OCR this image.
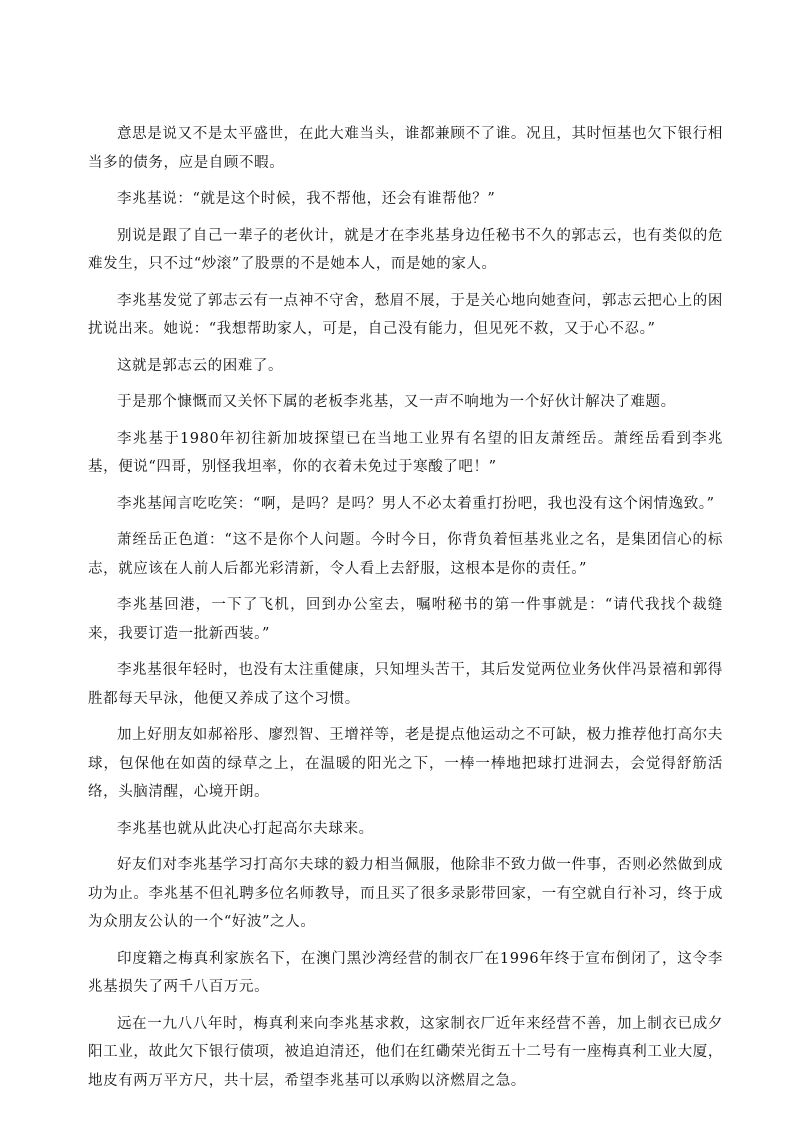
意思是说又不是太平盛世，在此大难当头，谁都兼顾不了谁。况且，其时恒基也欠下银行相当多的债务，应是自顾不暇。

李兆基说：“就是这个时候，我不帮他，还会有谁帮他？”

别说是跟了自己一辈子的老伙计，就是才在李兆基身边任秘书不久的郭志云，也有类似的危难发生，只不过“炒滚”了股票的不是她本人，而是她的家人。

李兆基发觉了郭志云有一点神不守舍，愁眉不展，于是关心地向她查问，郭志云把心上的困扰说出来。她说：“我想帮助家人，可是，自己没有能力，但见死不救，又于心不忍。”

这就是郭志云的困难了。

于是那个慷慨而又关怀下属的老板李兆基，又一声不响地为一个好伙计解决了难题。

李兆基于1980年初往新加坡探望已在当地工业界有名望的旧友萧绖岳。萧绖岳看到李兆基，便说“四哥，别怪我坦率，你的衣着未免过于寒酸了吧！”

李兆基闻言吃吃笑：“啊，是吗？是吗？男人不必太着重打扮吧，我也没有这个闲情逸致。”

萧绖岳正色道：“这不是你个人问题。今时今日，你背负着恒基兆业之名，是集团信心的标志，就应该在人前人后都光彩清新，令人看上去舒服，这根本是你的责任。”

李兆基回港，一下了飞机，回到办公室去，嘱咐秘书的第一件事就是：“请代我找个裁缝来，我要订造一批新西装。”

李兆基很年轻时，也没有太注重健康，只知埋头苦干，其后发觉两位业务伙伴冯景禧和郭得胜都每天早泳，他便又养成了这个习惯。

加上好朋友如郝裕彤、廖烈智、王增祥等，老是提点他运动之不可缺，极力推荐他打高尔夫球，包保他在如茵的绿草之上，在温暖的阳光之下，一棒一棒地把球打进洞去，会觉得舒筋活络，头脑清醒，心境开朗。

李兆基也就从此决心打起高尔夫球来。

好友们对李兆基学习打高尔夫球的毅力相当佩服，他除非不致力做一件事，否则必然做到成功为止。李兆基不但礼聘多位名师教导，而且买了很多录影带回家，一有空就自行补习，终于成为众朋友公认的一个“好波”之人。

印度籍之梅真利家族名下，在澳门黑沙湾经营的制衣厂在1996年终于宣布倒闭了，这令李兆基损失了两千八百万元。

远在一九八八年时，梅真利来向李兆基求救，这家制衣厂近年来经营不善，加上制衣已成夕阳工业，故此欠下银行债项，被追迫清还，他们在红磡荣光街五十二号有一座梅真利工业大厦，地皮有两万平方尺，共十层，希望李兆基可以承购以济燃眉之急。
